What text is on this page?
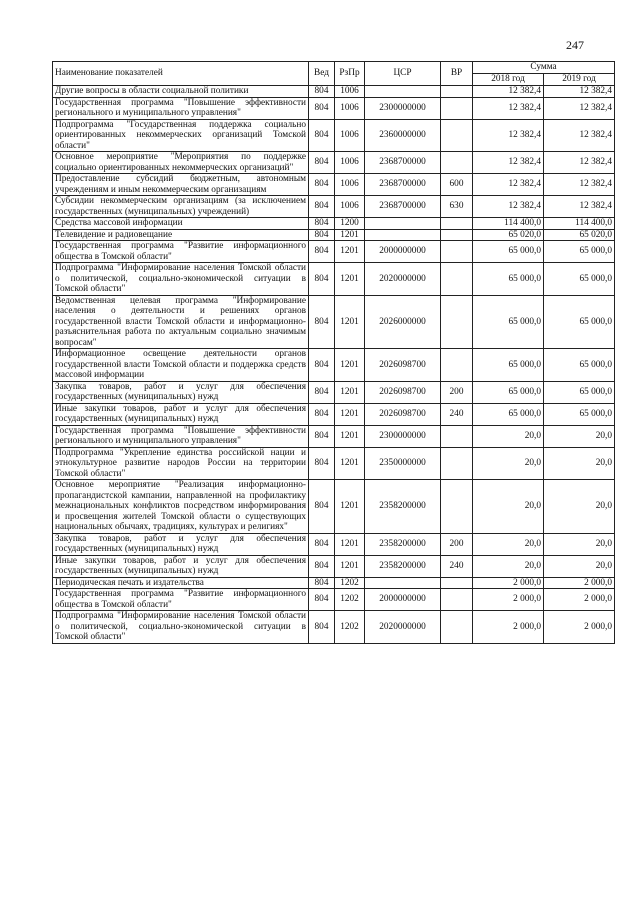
247
Наименование показателей	Вед	РзПр	ЦСР	ВР	Сумма	
					2018 год	2019 год
Другие вопросы в области социальной политики	804	1006			12 382,4	12 382,4
Государственная программа "Повышение эффективности регионального и муниципального управления"	804	1006	2300000000		12 382,4	12 382,4
Подпрограмма "Государственная поддержка социально ориентированных некоммерческих организаций Томской области"	804	1006	2360000000		12 382,4	12 382,4
Основное мероприятие "Мероприятия по поддержке социально ориентированных некоммерческих организаций"	804	1006	2368700000		12 382,4	12 382,4
Предоставление субсидий бюджетным, автономным учреждениям и иным некоммерческим организациям	804	1006	2368700000	600	12 382,4	12 382,4
Субсидии некоммерческим организациям (за исключением государственных (муниципальных) учреждений)	804	1006	2368700000	630	12 382,4	12 382,4
Средства массовой информации	804	1200			114 400,0	114 400,0
Телевидение и радиовещание	804	1201			65 020,0	65 020,0
Государственная программа "Развитие информационного общества в Томской области"	804	1201	2000000000		65 000,0	65 000,0
Подпрограмма "Информирование населения Томской области о политической, социально-экономической ситуации в Томской области"	804	1201	2020000000		65 000,0	65 000,0
Ведомственная целевая программа "Информирование населения о деятельности и решениях органов государственной власти Томской области и информационно-разъяснительная работа по актуальным социально значимым вопросам"	804	1201	2026000000		65 000,0	65 000,0
Информационное освещение деятельности органов государственной власти Томской области и поддержка средств массовой информации	804	1201	2026098700		65 000,0	65 000,0
Закупка товаров, работ и услуг для обеспечения государственных (муниципальных) нужд	804	1201	2026098700	200	65 000,0	65 000,0
Иные закупки товаров, работ и услуг для обеспечения государственных (муниципальных) нужд	804	1201	2026098700	240	65 000,0	65 000,0
Государственная программа "Повышение эффективности регионального и муниципального управления"	804	1201	2300000000		20,0	20,0
Подпрограмма "Укрепление единства российской нации и этнокультурное развитие народов России на территории Томской области"	804	1201	2350000000		20,0	20,0
Основное мероприятие "Реализация информационно-пропагандистской кампании, направленной на профилактику межнациональных конфликтов посредством информирования и просвещения жителей Томской области о существующих национальных обычаях, традициях, культурах и религиях"	804	1201	2358200000		20,0	20,0
Закупка товаров, работ и услуг для обеспечения государственных (муниципальных) нужд	804	1201	2358200000	200	20,0	20,0
Иные закупки товаров, работ и услуг для обеспечения государственных (муниципальных) нужд	804	1201	2358200000	240	20,0	20,0
Периодическая печать и издательства	804	1202			2 000,0	2 000,0
Государственная программа "Развитие информационного общества в Томской области"	804	1202	2000000000		2 000,0	2 000,0
Подпрограмма "Информирование населения Томской области о политической, социально-экономической ситуации в Томской области"	804	1202	2020000000		2 000,0	2 000,0
